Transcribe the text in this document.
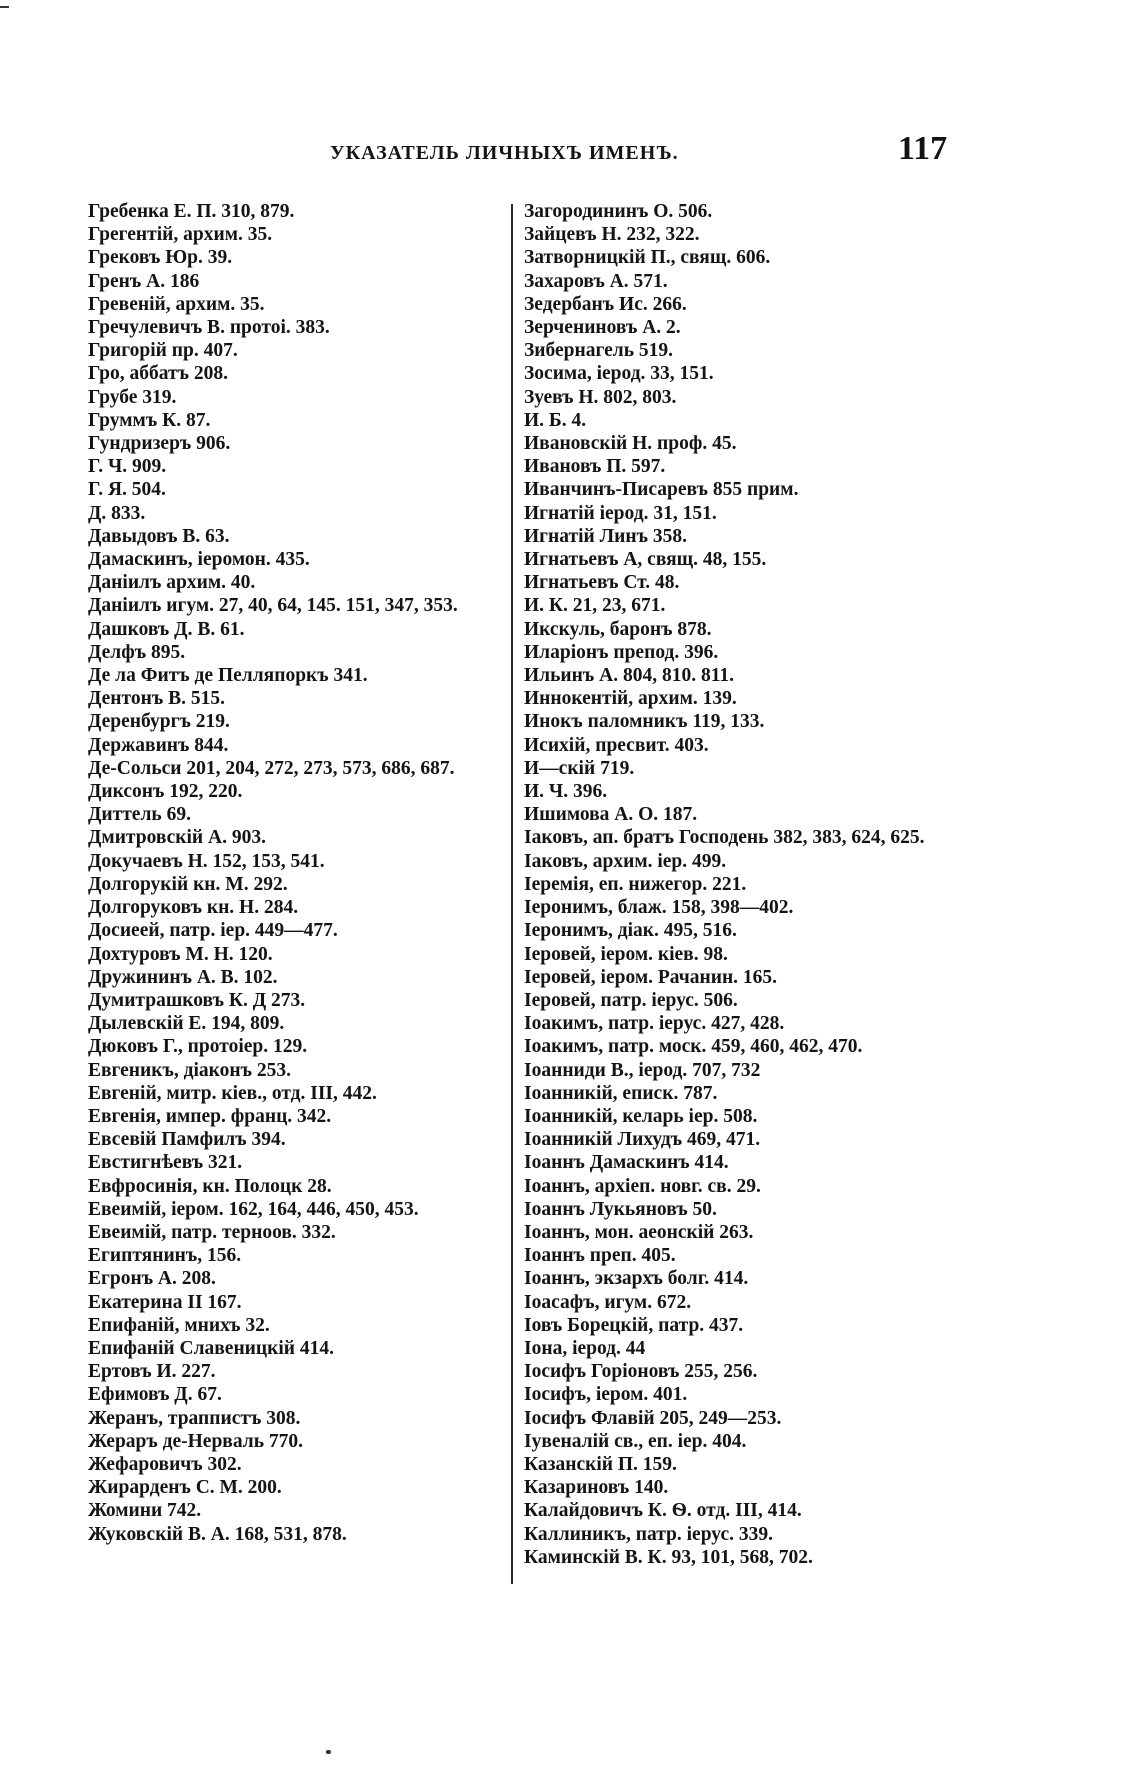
УКАЗАТЕЛЬ ЛИЧНЫХЪ ИМЕНЪ.	117
Гребенка Е. П. 310, 879.
Грегентій, архим. 35.
Грековъ Юр. 39.
Гренъ А. 186
Гревеній, архим. 35.
Гречулевичъ В. протоі. 383.
Григорій пр. 407.
Гро, аббатъ 208.
Грубе 319.
Груммъ К. 87.
Гундризеръ 906.
Г. Ч. 909.
Г. Я. 504.
Д. 833.
Давыдовъ В. 63.
Дамаскинъ, іеромон. 435.
Даніилъ архим. 40.
Даніилъ игум. 27, 40, 64, 145. 151, 347, 353.
Дашковъ Д. В. 61.
Делфъ 895.
Де ла Фитъ де Пелляпоркъ 341.
Дентонъ В. 515.
Деренбургъ 219.
Державинъ 844.
Де-Сольси 201, 204, 272, 273, 573, 686, 687.
Диксонъ 192, 220.
Диттель 69.
Дмитровскій А. 903.
Докучаевъ Н. 152, 153, 541.
Долгорукій кн. М. 292.
Долгоруковъ кн. Н. 284.
Досиеей, патр. іер. 449—477.
Дохтуровъ М. Н. 120.
Дружининъ А. В. 102.
Думитрашковъ К. Д 273.
Дылевскій Е. 194, 809.
Дюковъ Г., протоіер. 129.
Евгеникъ, діаконъ 253.
Евгеній, митр. кіев., отд. III, 442.
Евгенія, импер. франц. 342.
Евсевій Памфилъ 394.
Евстигнѣевъ 321.
Евфросинія, кн. Полоцк 28.
Евеимій, іером. 162, 164, 446, 450, 453.
Евеимій, патр. терноов. 332.
Египтянинъ, 156.
Егронъ А. 208.
Екатерина II 167.
Епифаній, мнихъ 32.
Епифаній Славеницкій 414.
Ертовъ И. 227.
Ефимовъ Д. 67.
Жеранъ, траппистъ 308.
Жераръ де-Нерваль 770.
Жефаровичъ 302.
Жирарденъ С. М. 200.
Жомини 742.
Жуковскій В. А. 168, 531, 878.
Загородининъ О. 506.
Зайцевъ Н. 232, 322.
Затворницкій П., свящ. 606.
Захаровъ А. 571.
Зедербанъ Ис. 266.
Зерчениновъ А. 2.
Зибернагель 519.
Зосима, іерод. 33, 151.
Зуевъ Н. 802, 803.
И. Б. 4.
Ивановскій Н. проф. 45.
Ивановъ П. 597.
Иванчинъ-Писаревъ 855 прим.
Игнатій іерод. 31, 151.
Игнатій Линъ 358.
Игнатьевъ А, свящ. 48, 155.
Игнатьевъ Ст. 48.
И. К. 21, 23, 671.
Икскуль, баронъ 878.
Иларіонъ препод. 396.
Ильинъ А. 804, 810. 811.
Иннокентій, архим. 139.
Инокъ паломникъ 119, 133.
Исихій, пресвит. 403.
И—скій 719.
И. Ч. 396.
Ишимова А. О. 187.
Іаковъ, ап. братъ Господень 382, 383, 624, 625.
Іаковъ, архим. іер. 499.
Іеремія, еп. нижегор. 221.
Іеронимъ, блаж. 158, 398—402.
Іеронимъ, діак. 495, 516.
Іеровей, іером. кіев. 98.
Іеровей, іером. Рачанин. 165.
Іеровей, патр. іерус. 506.
Іоакимъ, патр. іерус. 427, 428.
Іоакимъ, патр. моск. 459, 460, 462, 470.
Іоанниди В., іерод. 707, 732
Іоанникій, еписк. 787.
Іоанникій, келарь іер. 508.
Іоанникій Лихудъ 469, 471.
Іоаннъ Дамаскинъ 414.
Іоаннъ, архіеп. новг. св. 29.
Іоаннъ Лукьяновъ 50.
Іоаннъ, мон. аеонскій 263.
Іоаннъ преп. 405.
Іоаннъ, экзархъ болг. 414.
Іоасафъ, игум. 672.
Іовъ Борецкій, патр. 437.
Іона, іерод. 44
Іосифъ Горіоновъ 255, 256.
Іосифъ, іером. 401.
Іосифъ Флавій 205, 249—253.
Іувеналій св., еп. іер. 404.
Казанскій П. 159.
Казариновъ 140.
Калайдовичъ К. Ѳ. отд. III, 414.
Каллиникъ, патр. іерус. 339.
Каминскій В. К. 93, 101, 568, 702.
